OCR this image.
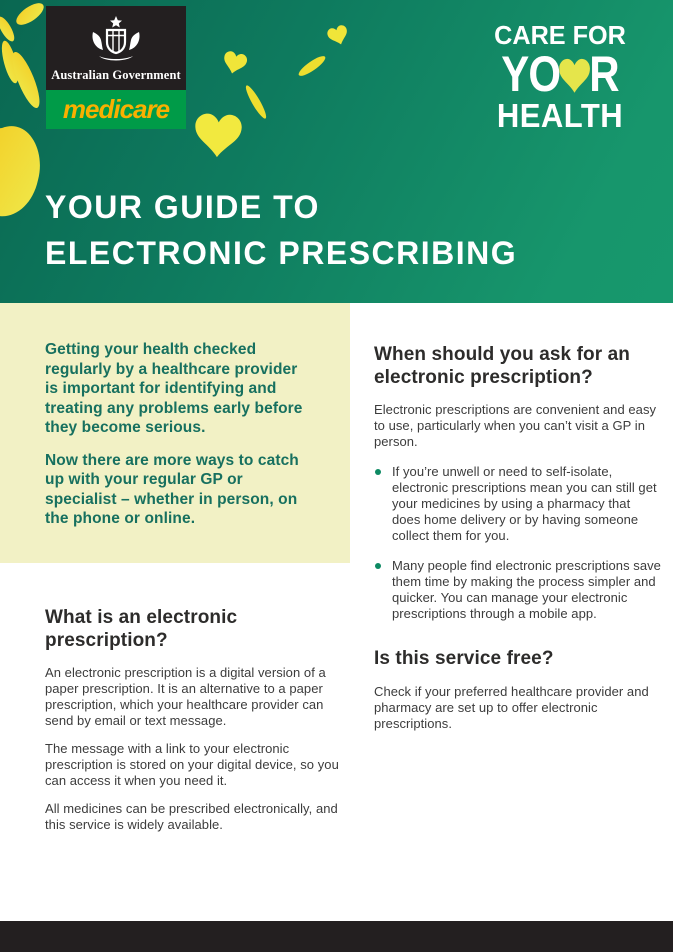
Australian Government
medicare
CARE FOR
YO R
HEALTH
YOUR GUIDE TO
ELECTRONIC PRESCRIBING

Getting your health checked regularly by a healthcare provider is important for identifying and treating any problems early before they become serious.

Now there are more ways to catch up with your regular GP or specialist – whether in person, on the phone or online.

What is an electronic prescription?

An electronic prescription is a digital version of a paper prescription. It is an alternative to a paper prescription, which your healthcare provider can send by email or text message.

The message with a link to your electronic prescription is stored on your digital device, so you can access it when you need it.

All medicines can be prescribed electronically, and this service is widely available.

When should you ask for an electronic prescription?

Electronic prescriptions are convenient and easy to use, particularly when you can’t visit a GP in person.

If you’re unwell or need to self-isolate, electronic prescriptions mean you can still get your medicines by using a pharmacy that does home delivery or by having someone collect them for you.
Many people find electronic prescriptions save them time by making the process simpler and quicker. You can manage your electronic prescriptions through a mobile app.
Is this service free?

Check if your preferred healthcare provider and pharmacy are set up to offer electronic prescriptions.
